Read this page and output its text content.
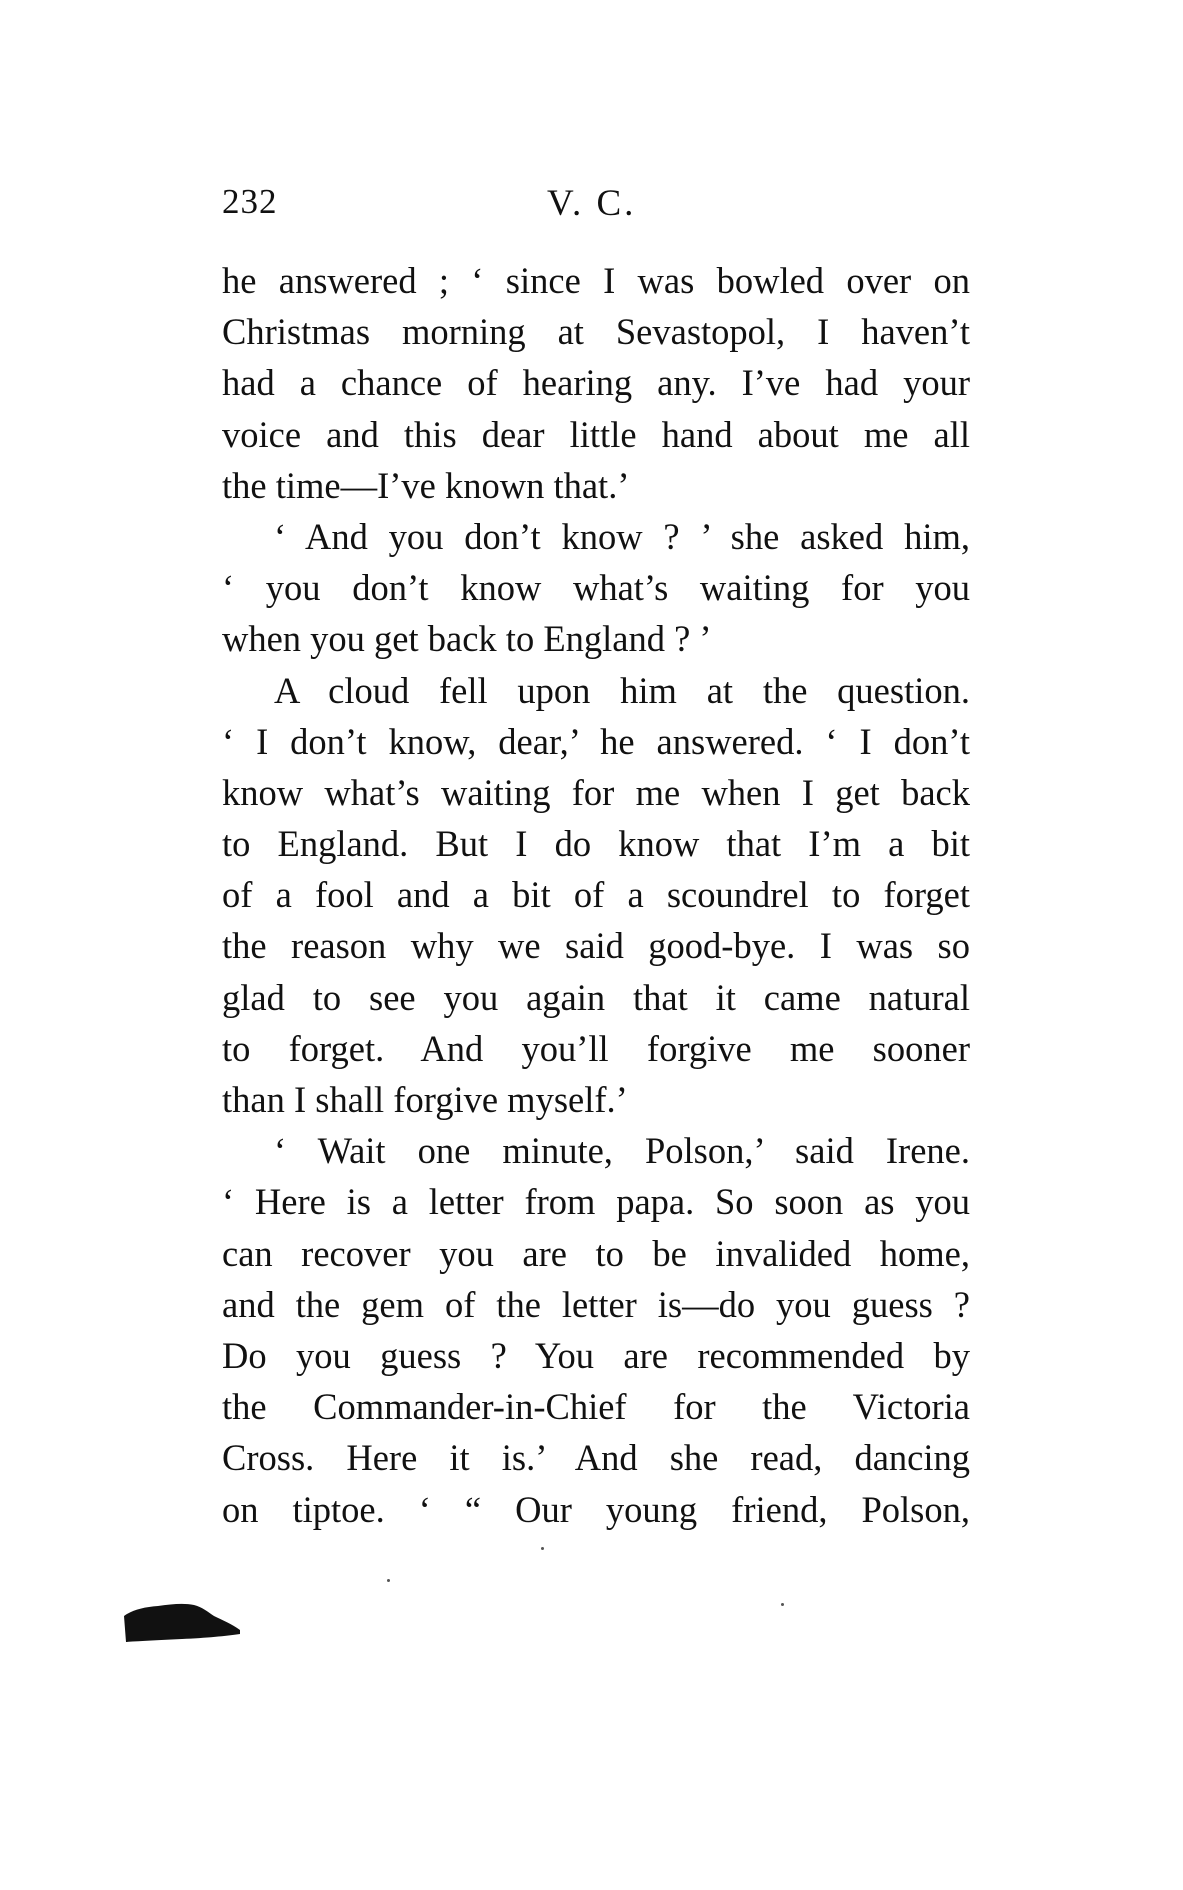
232	V. C.
he answered ; ‘ since I was bowled over on
Christmas morning at Sevastopol, I haven’t
had a chance of hearing any. I’ve had your
voice and this dear little hand about me all
the time—I’ve known that.’
‘ And you don’t know ? ’ she asked him,
‘ you don’t know what’s waiting for you
when you get back to England ? ’
A cloud fell upon him at the question.
‘ I don’t know, dear,’ he answered. ‘ I don’t
know what’s waiting for me when I get back
to England. But I do know that I’m a bit
of a fool and a bit of a scoundrel to forget
the reason why we said good-bye. I was so
glad to see you again that it came natural
to forget. And you’ll forgive me sooner
than I shall forgive myself.’
‘ Wait one minute, Polson,’ said Irene.
‘ Here is a letter from papa. So soon as you
can recover you are to be invalided home,
and the gem of the letter is—do you guess ?
Do you guess ? You are recommended by
the Commander-in-Chief for the Victoria
Cross. Here it is.’ And she read, dancing
on tiptoe. ‘ “ Our young friend, Polson,
